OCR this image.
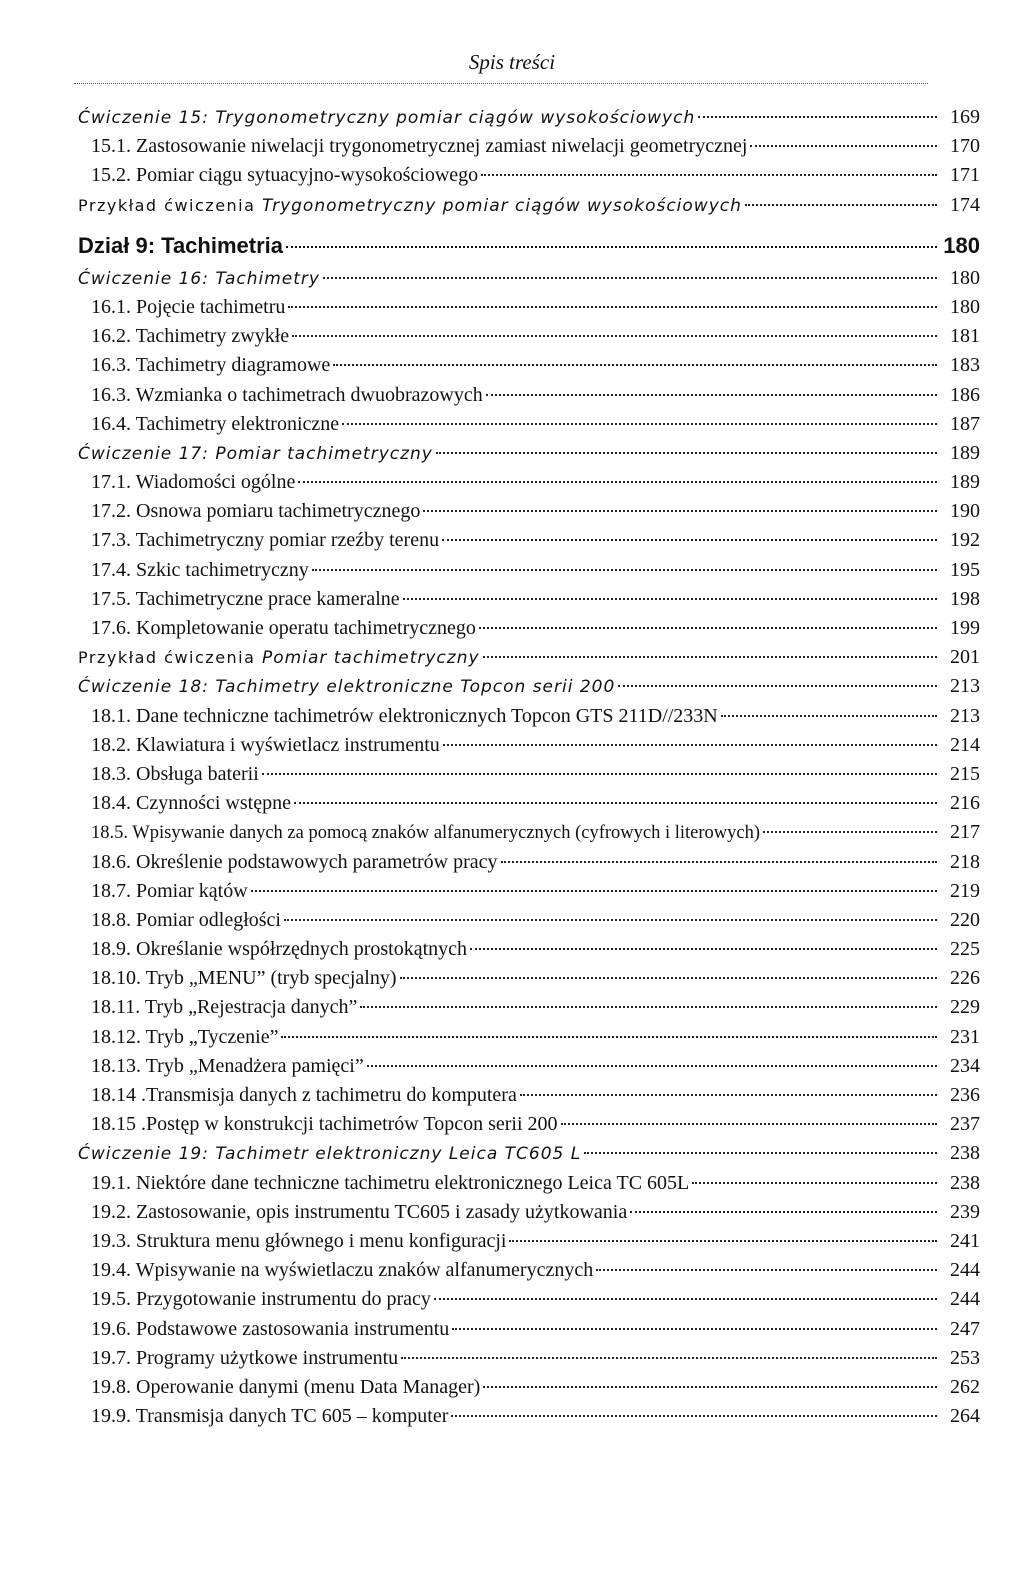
Spis treści
Ćwiczenie 15: Trygonometryczny pomiar ciągów wysokościowych	169
15.1. Zastosowanie niwelacji trygonometrycznej zamiast niwelacji geometrycznej	170
15.2. Pomiar ciągu sytuacyjno-wysokościowego	171
Przykład ćwiczenia Trygonometryczny pomiar ciągów wysokościowych	174
Dział 9: Tachimetria	180
Ćwiczenie 16: Tachimetry	180
16.1. Pojęcie tachimetru	180
16.2. Tachimetry zwykłe	181
16.3. Tachimetry diagramowe	183
16.3. Wzmianka o tachimetrach dwuobrazowych	186
16.4. Tachimetry elektroniczne	187
Ćwiczenie 17: Pomiar tachimetryczny	189
17.1. Wiadomości ogólne	189
17.2. Osnowa pomiaru tachimetrycznego	190
17.3. Tachimetryczny pomiar rzeźby terenu	192
17.4. Szkic tachimetryczny	195
17.5. Tachimetryczne prace kameralne	198
17.6. Kompletowanie operatu tachimetrycznego	199
Przykład ćwiczenia Pomiar tachimetryczny	201
Ćwiczenie 18: Tachimetry elektroniczne Topcon serii 200	213
18.1. Dane techniczne tachimetrów elektronicznych Topcon GTS 211D//233N	213
18.2. Klawiatura i wyświetlacz instrumentu	214
18.3. Obsługa baterii	215
18.4. Czynności wstępne	216
18.5. Wpisywanie danych za pomocą znaków alfanumerycznych (cyfrowych i literowych)	217
18.6. Określenie podstawowych parametrów pracy	218
18.7. Pomiar kątów	219
18.8. Pomiar odległości	220
18.9. Określanie współrzędnych prostokątnych	225
18.10. Tryb „MENU” (tryb specjalny)	226
18.11. Tryb „Rejestracja danych”	229
18.12. Tryb „Tyczenie”	231
18.13. Tryb „Menadżera pamięci”	234
18.14 .Transmisja danych z tachimetru do komputera	236
18.15 .Postęp w konstrukcji tachimetrów Topcon serii 200	237
Ćwiczenie 19: Tachimetr elektroniczny Leica TC605 L	238
19.1. Niektóre dane techniczne tachimetru elektronicznego Leica TC 605L	238
19.2. Zastosowanie, opis instrumentu TC605 i zasady użytkowania	239
19.3. Struktura menu głównego i menu konfiguracji	241
19.4. Wpisywanie na wyświetlaczu znaków alfanumerycznych	244
19.5. Przygotowanie instrumentu do pracy	244
19.6. Podstawowe zastosowania instrumentu	247
19.7. Programy użytkowe instrumentu	253
19.8. Operowanie danymi (menu Data Manager)	262
19.9. Transmisja danych TC 605 – komputer	264
